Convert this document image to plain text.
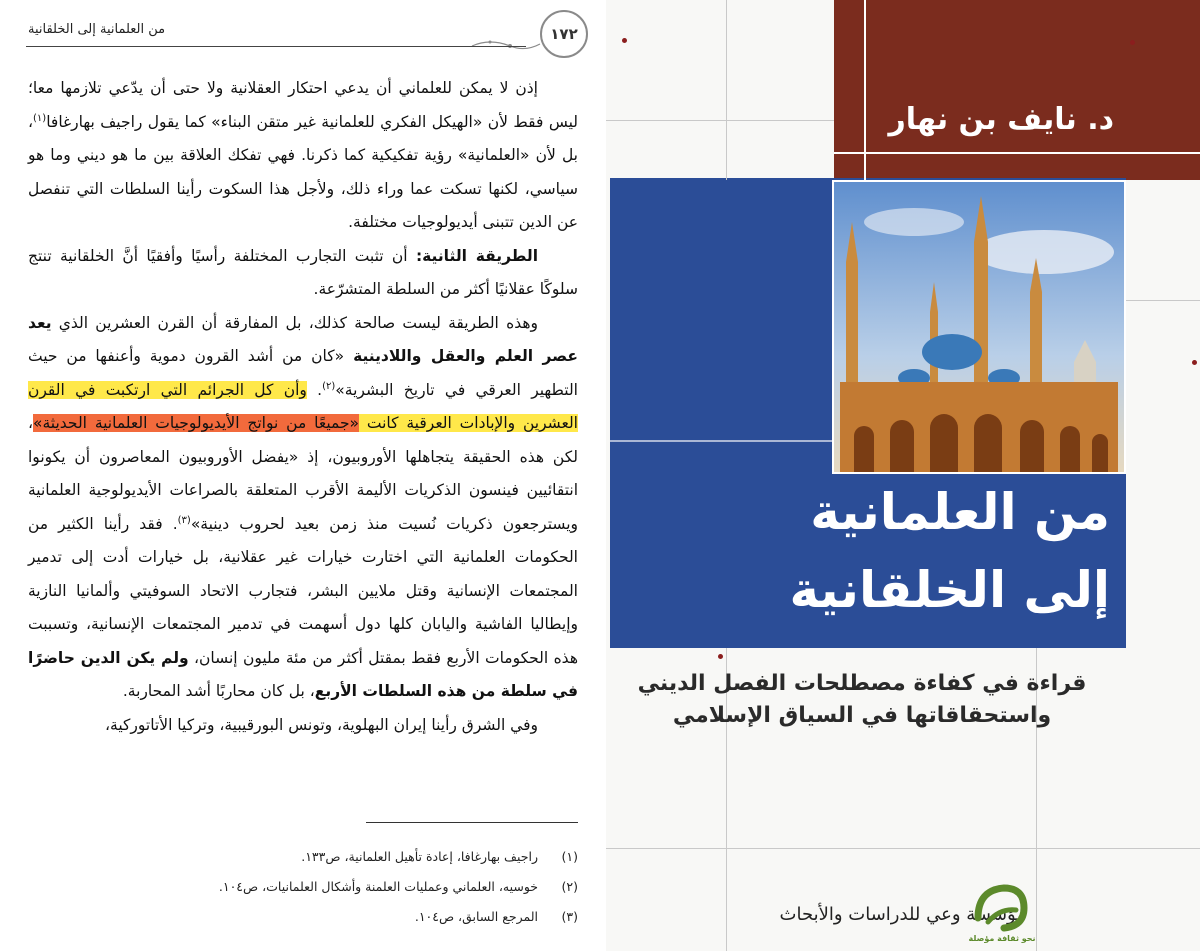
١٧٢
من العلمانية إلى الخلقانية

إذن لا يمكن للعلماني أن يدعي احتكار العقلانية ولا حتى أن يدّعي تلازمها معا؛ ليس فقط لأن «الهيكل الفكري للعلمانية غير متقن البناء» كما يقول راجيف بهارغافا$^{(١)}$، بل لأن «العلمانية» رؤية تفكيكية كما ذكرنا. فهي تفكك العلاقة بين ما هو ديني وما هو سياسي، لكنها تسكت عما وراء ذلك، ولأجل هذا السكوت رأينا السلطات التي تنفصل عن الدين تتبنى أيديولوجيات مختلفة.

الطريقة الثانية: أن تثبت التجارب المختلفة رأسيًا وأفقيًا أنَّ الخلقانية تنتج سلوكًا عقلانيًا أكثر من السلطة المتشرّعة.

وهذه الطريقة ليست صالحة كذلك، بل المفارقة أن القرن العشرين الذي يعد عصر العلم والعقل واللادينية «كان من أشد القرون دموية وأعنفها من حيث التطهير العرقي في تاريخ البشرية»$^{(٢)}$. وأن كل الجرائم التي ارتكبت في القرن العشرين والإبادات العرقية كانت «جميعًا من نواتج الأيديولوجيات العلمانية الحديثة»، لكن هذه الحقيقة يتجاهلها الأوروبيون، إذ «يفضل الأوروبيون المعاصرون أن يكونوا انتقائيين فينسون الذكريات الأليمة الأقرب المتعلقة بالصراعات الأيديولوجية العلمانية ويسترجعون ذكريات نُسيت منذ زمن بعيد لحروب دينية»$^{(٣)}$. فقد رأينا الكثير من الحكومات العلمانية التي اختارت خيارات غير عقلانية، بل خيارات أدت إلى تدمير المجتمعات الإنسانية وقتل ملايين البشر، فتجارب الاتحاد السوفيتي وألمانيا النازية وإيطاليا الفاشية واليابان كلها دول أسهمت في تدمير المجتمعات الإنسانية، وتسببت هذه الحكومات الأربع فقط بمقتل أكثر من مئة مليون إنسان، ولم يكن الدين حاضرًا في سلطة من هذه السلطات الأربع، بل كان محاربًا أشد المحاربة.

وفي الشرق رأينا إيران البهلوية، وتونس البورقيبية، وتركيا الأتاتوركية،

(١)راجيف بهارغافا، إعادة تأهيل العلمانية، ص١٣٣.
(٢)خوسيه، العلماني وعمليات العلمنة وأشكال العلمانيات، ص١٠٤.
(٣)المرجع السابق، ص١٠٤.
د. نايف بن نهار
من العلمانية
إلى الخلقانية
قراءة في كفاءة مصطلحات الفصل الديني
واستحقاقاتها في السياق الإسلامي
مؤسسة وعي للدراسات والأبحاث
نحو ثقافة مؤصلة
